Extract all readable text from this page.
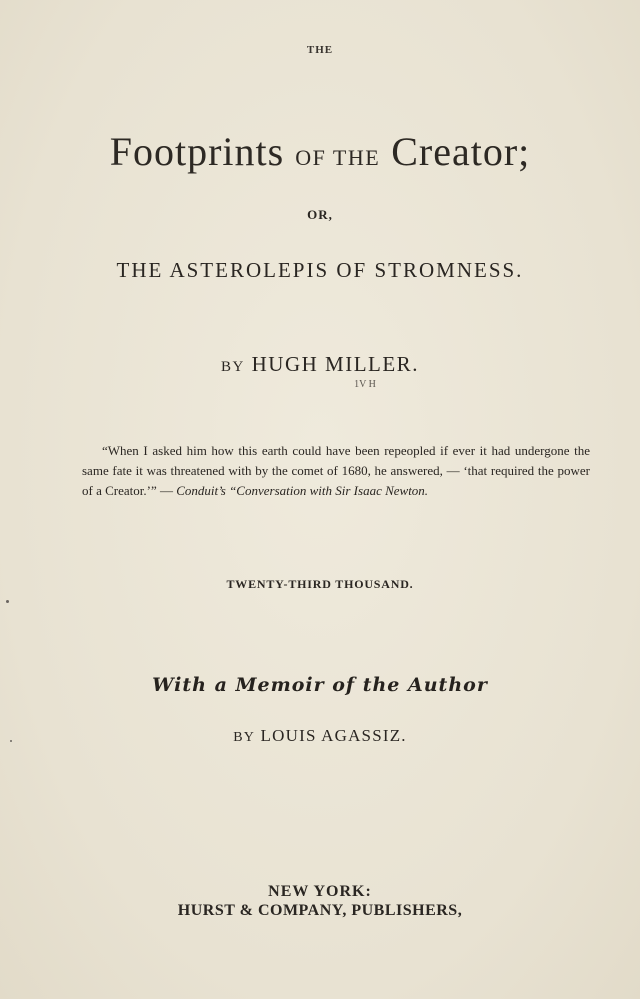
THE
Footprints OF THE Creator;
OR,
THE ASTEROLEPIS OF STROMNESS.
BY HUGH MILLER.
1V H
“When I asked him how this earth could have been repeopled if ever it had undergone the same fate it was threatened with by the comet of 1680, he answered, — ‘that required the power of a Creator.’” — Conduit’s “Conversation with Sir Isaac Newton.
TWENTY-THIRD THOUSAND.
With a Memoir of the Author
BY LOUIS AGASSIZ.
NEW YORK:
HURST & COMPANY, PUBLISHERS,
